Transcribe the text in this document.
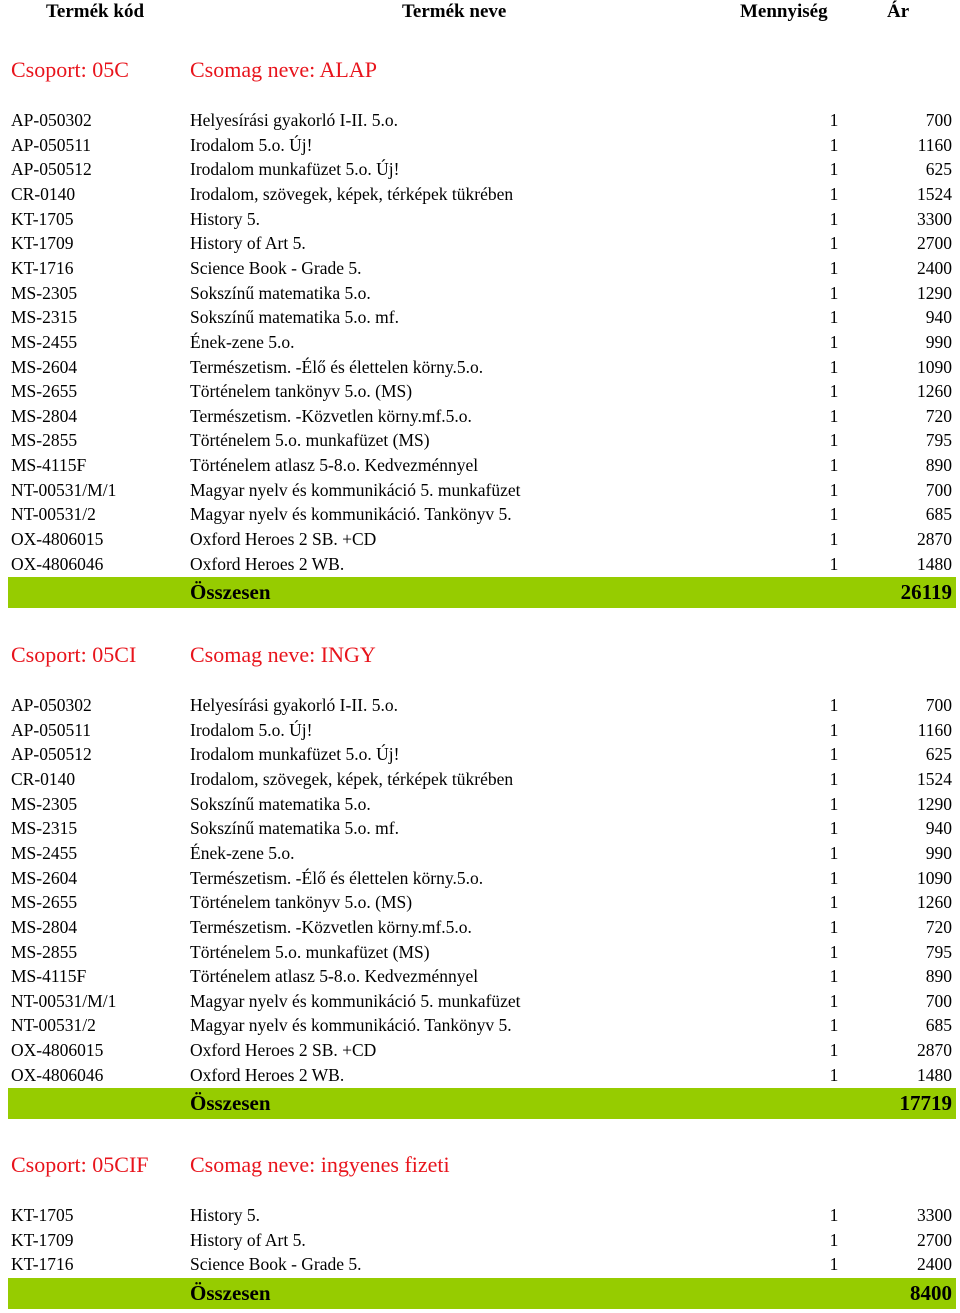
Termék kód	Termék neve	Mennyiség	Ár
Csoport: 05C	Csomag neve: ALAP
AP-050302	Helyesírási gyakorló I-II. 5.o.	1	700
AP-050511	Irodalom 5.o. Új!	1	1160
AP-050512	Irodalom munkafüzet 5.o. Új!	1	625
CR-0140	Irodalom, szövegek, képek, térképek tükrében	1	1524
KT-1705	History 5.	1	3300
KT-1709	History of Art 5.	1	2700
KT-1716	Science Book - Grade 5.	1	2400
MS-2305	Sokszínű matematika 5.o.	1	1290
MS-2315	Sokszínű matematika 5.o. mf.	1	940
MS-2455	Ének-zene 5.o.	1	990
MS-2604	Természetism. -Élő és élettelen körny.5.o.	1	1090
MS-2655	Történelem tankönyv 5.o. (MS)	1	1260
MS-2804	Természetism. -Közvetlen körny.mf.5.o.	1	720
MS-2855	Történelem 5.o. munkafüzet (MS)	1	795
MS-4115F	Történelem atlasz 5-8.o. Kedvezménnyel	1	890
NT-00531/M/1	Magyar nyelv és kommunikáció 5. munkafüzet	1	700
NT-00531/2	Magyar nyelv és kommunikáció. Tankönyv 5.	1	685
OX-4806015	Oxford Heroes 2 SB. +CD	1	2870
OX-4806046	Oxford Heroes 2 WB.	1	1480
Összesen	26119
Csoport: 05CI Csomag neve: INGY
AP-050302	Helyesírási gyakorló I-II. 5.o.	1	700
AP-050511	Irodalom 5.o. Új!	1	1160
AP-050512	Irodalom munkafüzet 5.o. Új!	1	625
CR-0140	Irodalom, szövegek, képek, térképek tükrében	1	1524
MS-2305	Sokszínű matematika 5.o.	1	1290
MS-2315	Sokszínű matematika 5.o. mf.	1	940
MS-2455	Ének-zene 5.o.	1	990
MS-2604	Természetism. -Élő és élettelen körny.5.o.	1	1090
MS-2655	Történelem tankönyv 5.o. (MS)	1	1260
MS-2804	Természetism. -Közvetlen körny.mf.5.o.	1	720
MS-2855	Történelem 5.o. munkafüzet (MS)	1	795
MS-4115F	Történelem atlasz 5-8.o. Kedvezménnyel	1	890
NT-00531/M/1	Magyar nyelv és kommunikáció 5. munkafüzet	1	700
NT-00531/2	Magyar nyelv és kommunikáció. Tankönyv 5.	1	685
OX-4806015	Oxford Heroes 2 SB. +CD	1	2870
OX-4806046	Oxford Heroes 2 WB.	1	1480
Összesen	17719
Csoport: 05CIF Csomag neve: ingyenes fizeti
KT-1705	History 5.	1	3300
KT-1709	History of Art 5.	1	2700
KT-1716	Science Book - Grade 5.	1	2400
Összesen	8400
